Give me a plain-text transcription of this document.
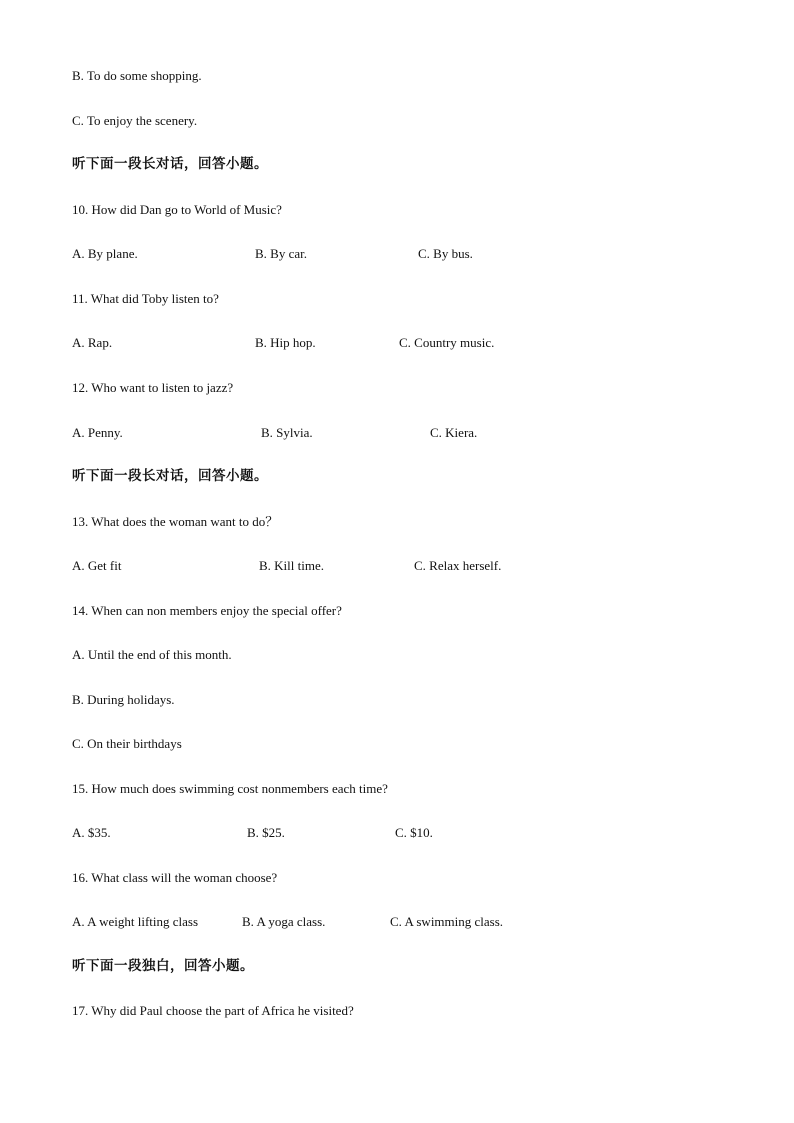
B. To do some shopping.
C. To enjoy the scenery.
听下面一段长对话，回答小题。
10. How did Dan go to World of Music?
A. By plane.	B. By car.	C. By bus.
11. What did Toby listen to?
A. Rap.	B. Hip hop.	C. Country music.
12. Who want to listen to jazz?
A. Penny.	B. Sylvia.	C. Kiera.
听下面一段长对话，回答小题。
13. What does the woman want to do？
A. Get fit	B. Kill time.	C. Relax herself.
14. When can non members enjoy the special offer?
A. Until the end of this month.
B. During holidays.
C. On their birthdays
15. How much does swimming cost nonmembers each time?
A. $35.	B. $25.	C. $10.
16. What class will the woman choose?
A. A weight lifting class	B. A yoga class.	C. A swimming class.
听下面一段独白，回答小题。
17. Why did Paul choose the part of Africa he visited?
